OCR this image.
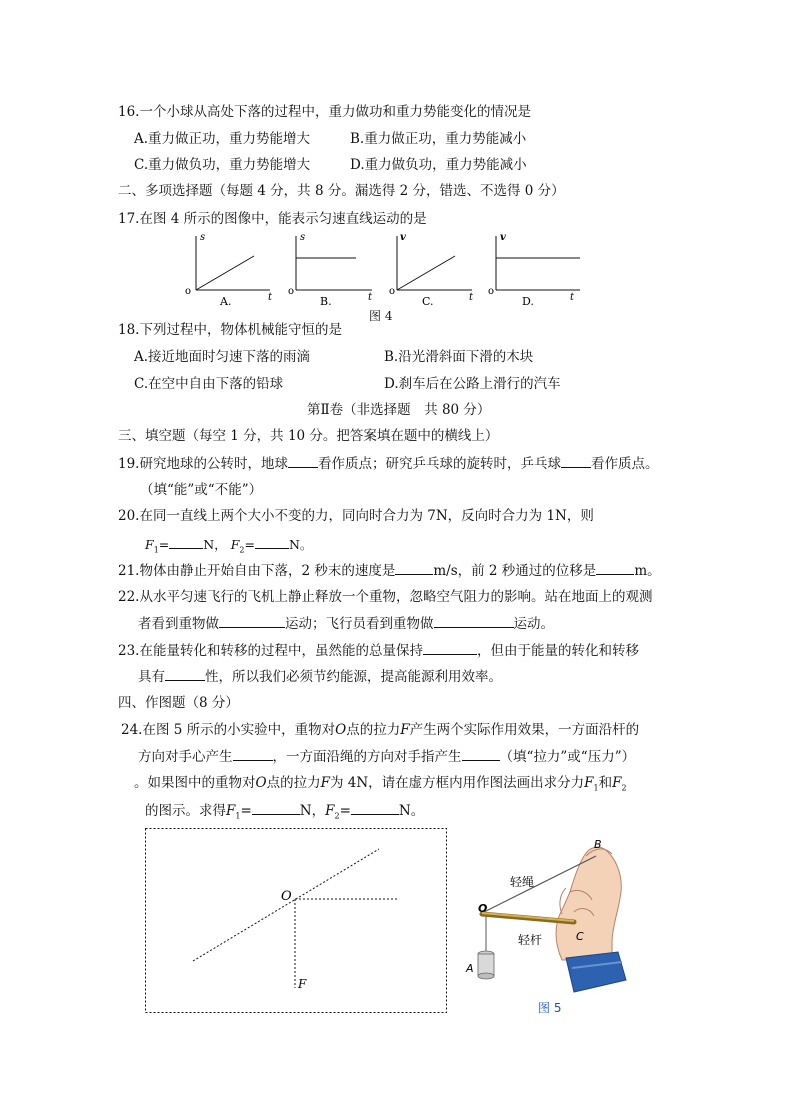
16.一个小球从高处下落的过程中，重力做功和重力势能变化的情况是
A.重力做正功，重力势能增大	B.重力做正功，重力势能减小
C.重力做负功，重力势能增大	D.重力做负功，重力势能减小
二、多项选择题（每题 4 分，共 8 分。漏选得 2 分，错选、不选得 0 分）
17.在图 4 所示的图像中，能表示匀速直线运动的是
s
o
t
A.
s
o
t
B.
v
o
t
C.
v
o
t
D.
图 4
18.下列过程中，物体机械能守恒的是
A.接近地面时匀速下落的雨滴	B.沿光滑斜面下滑的木块
C.在空中自由下落的铅球	D.刹车后在公路上滑行的汽车
第Ⅱ卷（非选择题　共 80 分）
三、填空题（每空 1 分，共 10 分。把答案填在题中的横线上）
19.研究地球的公转时，地球 看作质点；研究乒乓球的旋转时，乒乓球 看作质点。
（填“能”或“不能”）
20.在同一直线上两个大小不变的力，同向时合力为 7N，反向时合力为 1N，则
$F_1=$	N， $F_2=$	N。
21.物体由静止开始自由下落，2 秒末的速度是	m/s，前 2 秒通过的位移是	m。
22.从水平匀速飞行的飞机上静止释放一个重物，忽略空气阻力的影响。站在地面上的观测
者看到重物做	运动；飞行员看到重物做	运动。
23.在能量转化和转移的过程中，虽然能的总量保持	，但由于能量的转化和转移
具有	性，所以我们必须节约能源，提高能源利用效率。
四、作图题（8 分）
24.在图 5 所示的小实验中，重物对O点的拉力F产生两个实际作用效果，一方面沿杆的
方向对手心产生	，一方面沿绳的方向对手指产生	（填“拉力”或“压力”）
。如果图中的重物对O点的拉力F为 4N，请在虚方框内用作图法画出求分力$F_1$和$F_2$
的图示。求得$F_1=$	N，$F_2=$	N。
O
F
B
轻绳
O
轻杆	C
A
图 5
